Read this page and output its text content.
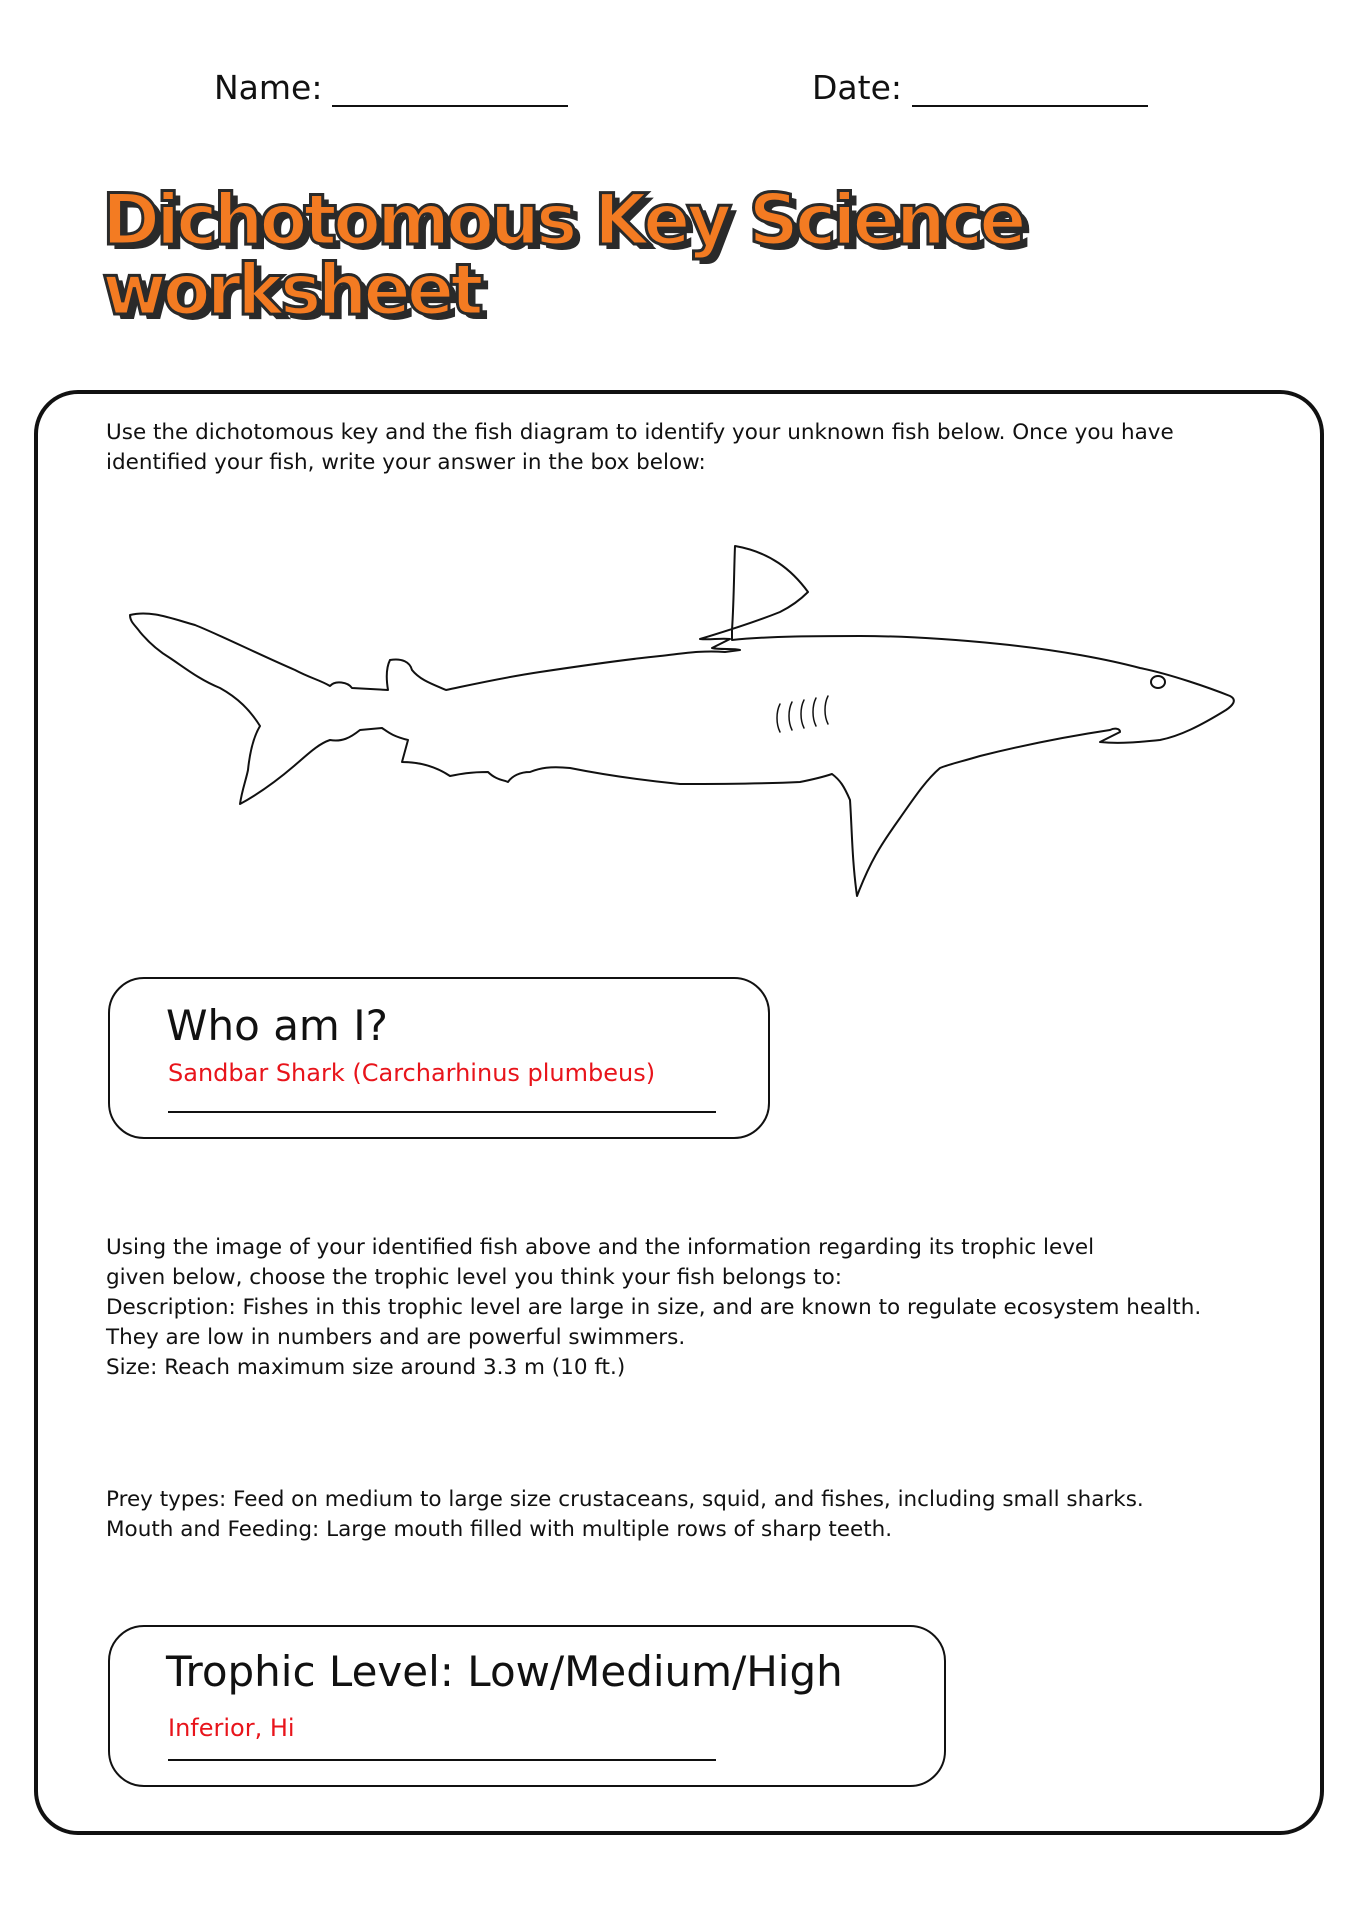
Name:	Date:
Dichotomous Key Science worksheet
Use the dichotomous key and the fish diagram to identify your unknown fish below. Once you have
identified your fish, write your answer in the box below:
Who am I?
Sandbar Shark (Carcharhinus plumbeus)
Using the image of your identified fish above and the information regarding its trophic level
given below, choose the trophic level you think your fish belongs to:
Description: Fishes in this trophic level are large in size, and are known to regulate ecosystem health.
They are low in numbers and are powerful swimmers.
Size: Reach maximum size around 3.3 m (10 ft.)
Prey types: Feed on medium to large size crustaceans, squid, and fishes, including small sharks.
Mouth and Feeding: Large mouth filled with multiple rows of sharp teeth.
Trophic Level: Low/Medium/High
Inferior, Hi
